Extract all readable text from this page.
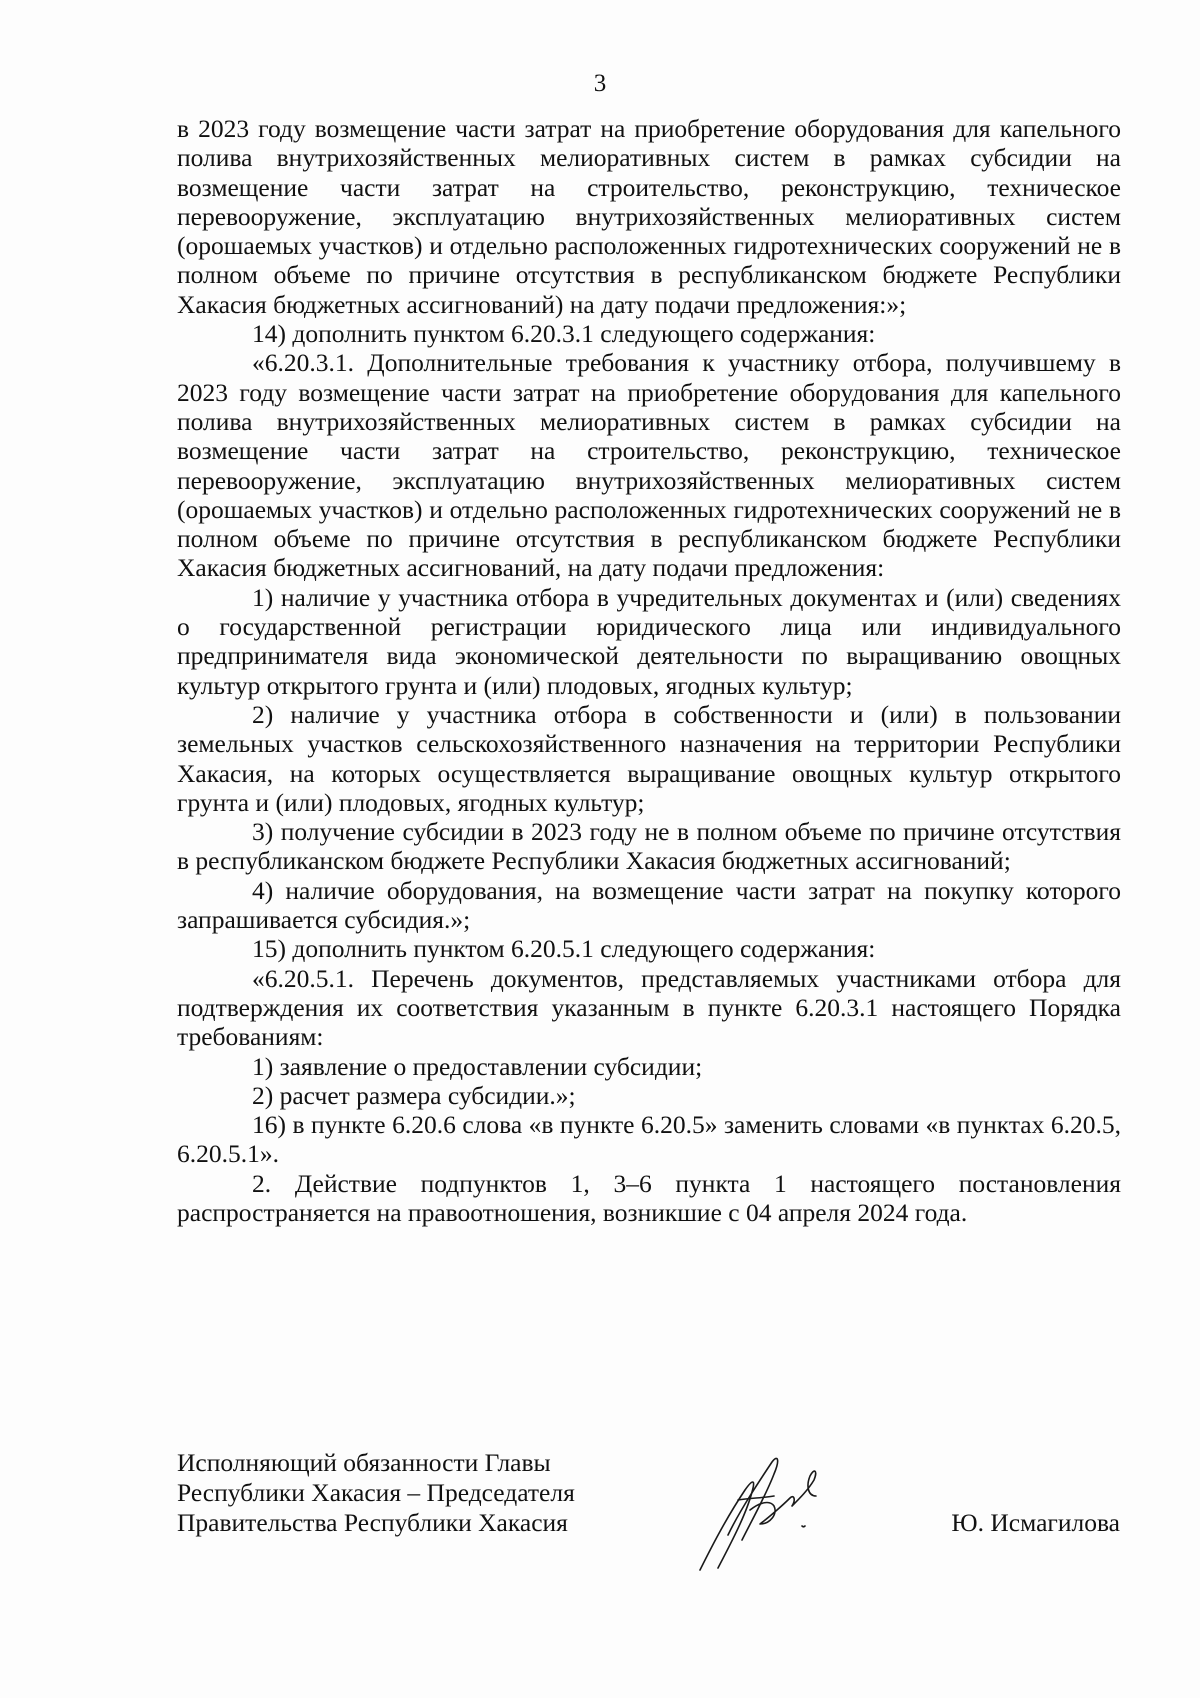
3

в 2023 году возмещение части затрат на приобретение оборудования для капельного полива внутрихозяйственных мелиоративных систем в рамках субсидии на возмещение части затрат на строительство, реконструкцию, техническое перевооружение, эксплуатацию внутрихозяйственных мелиоративных систем (орошаемых участков) и отдельно расположенных гидротехнических сооружений не в полном объеме по причине отсутствия в республиканском бюджете Республики Хакасия бюджетных ассигнований) на дату подачи предложения:»;

14) дополнить пунктом 6.20.3.1 следующего содержания:

«6.20.3.1. Дополнительные требования к участнику отбора, получившему в 2023 году возмещение части затрат на приобретение оборудования для капельного полива внутрихозяйственных мелиоративных систем в рамках субсидии на возмещение части затрат на строительство, реконструкцию, техническое перевооружение, эксплуатацию внутрихозяйственных мелиоративных систем (орошаемых участков) и отдельно расположенных гидротехнических сооружений не в полном объеме по причине отсутствия в республиканском бюджете Республики Хакасия бюджетных ассигнований, на дату подачи предложения:

1) наличие у участника отбора в учредительных документах и (или) сведениях о государственной регистрации юридического лица или индивидуального предпринимателя вида экономической деятельности по выращиванию овощных культур открытого грунта и (или) плодовых, ягодных культур;

2) наличие у участника отбора в собственности и (или) в пользовании земельных участков сельскохозяйственного назначения на территории Республики Хакасия, на которых осуществляется выращивание овощных культур открытого грунта и (или) плодовых, ягодных культур;

3) получение субсидии в 2023 году не в полном объеме по причине отсутствия в республиканском бюджете Республики Хакасия бюджетных ассигнований;

4) наличие оборудования, на возмещение части затрат на покупку которого запрашивается субсидия.»;

15) дополнить пунктом 6.20.5.1 следующего содержания:

«6.20.5.1. Перечень документов, представляемых участниками отбора для подтверждения их соответствия указанным в пункте 6.20.3.1 настоящего Порядка требованиям:

1) заявление о предоставлении субсидии;

2) расчет размера субсидии.»;

16) в пункте 6.20.6 слова «в пункте 6.20.5» заменить словами «в пунктах 6.20.5, 6.20.5.1».

2. Действие подпунктов 1, 3–6 пункта 1 настоящего постановления распространяется на правоотношения, возникшие с 04 апреля 2024 года.

Исполняющий обязанности Главы
Республики Хакасия – Председателя
Правительства Республики Хакасия	Ю. Исмагилова
